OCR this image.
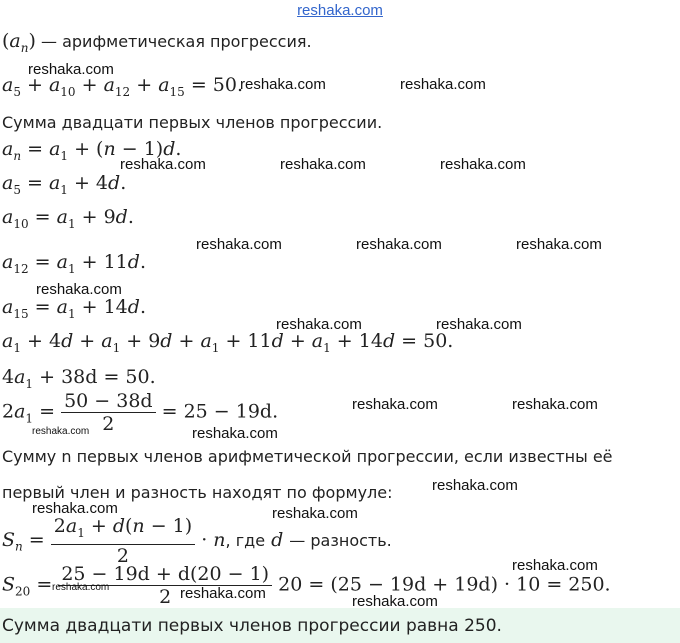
reshaka.com
$(a_n)$ — арифметическая прогрессия.
$a_5 + a_{10} + a_{12} + a_{15} = 50$.
Сумма двадцати первых членов прогрессии.
$a_n = a_1 + (n - 1)d$.
$a_5 = a_1 + 4d$.
$a_{10} = a_1 + 9d$.
$a_{12} = a_1 + 11d$.
$a_{15} = a_1 + 14d$.
$a_1 + 4d + a_1 + 9d + a_1 + 11d + a_1 + 14d = 50$.
$4a_1 + 38d = 50$.
$2a_1 = \frac{50 - 38d}{2} = 25 - 19d$.
Сумму n первых членов арифметической прогрессии, если известны её
первый член и разность находят по формуле:
$S_n = \frac{2a_1 + d(n - 1)}{2} \cdot n$, где d — разность.
$S_{20} = \frac{25 - 19d + d(20 - 1)}{2} 20 = (25 - 19d + 19d) \cdot 10 = 250$.
Сумма двадцати первых членов прогрессии равна 250.
reshaka.com
reshaka.com	reshaka.com
reshaka.com	reshaka.com	reshaka.com
reshaka.com	reshaka.com	reshaka.com
reshaka.com
reshaka.com	reshaka.com
reshaka.com	reshaka.com
reshaka.com	reshaka.com
reshaka.com
reshaka.com	reshaka.com
reshaka.com
reshaka.com	reshaka.com	reshaka.com
